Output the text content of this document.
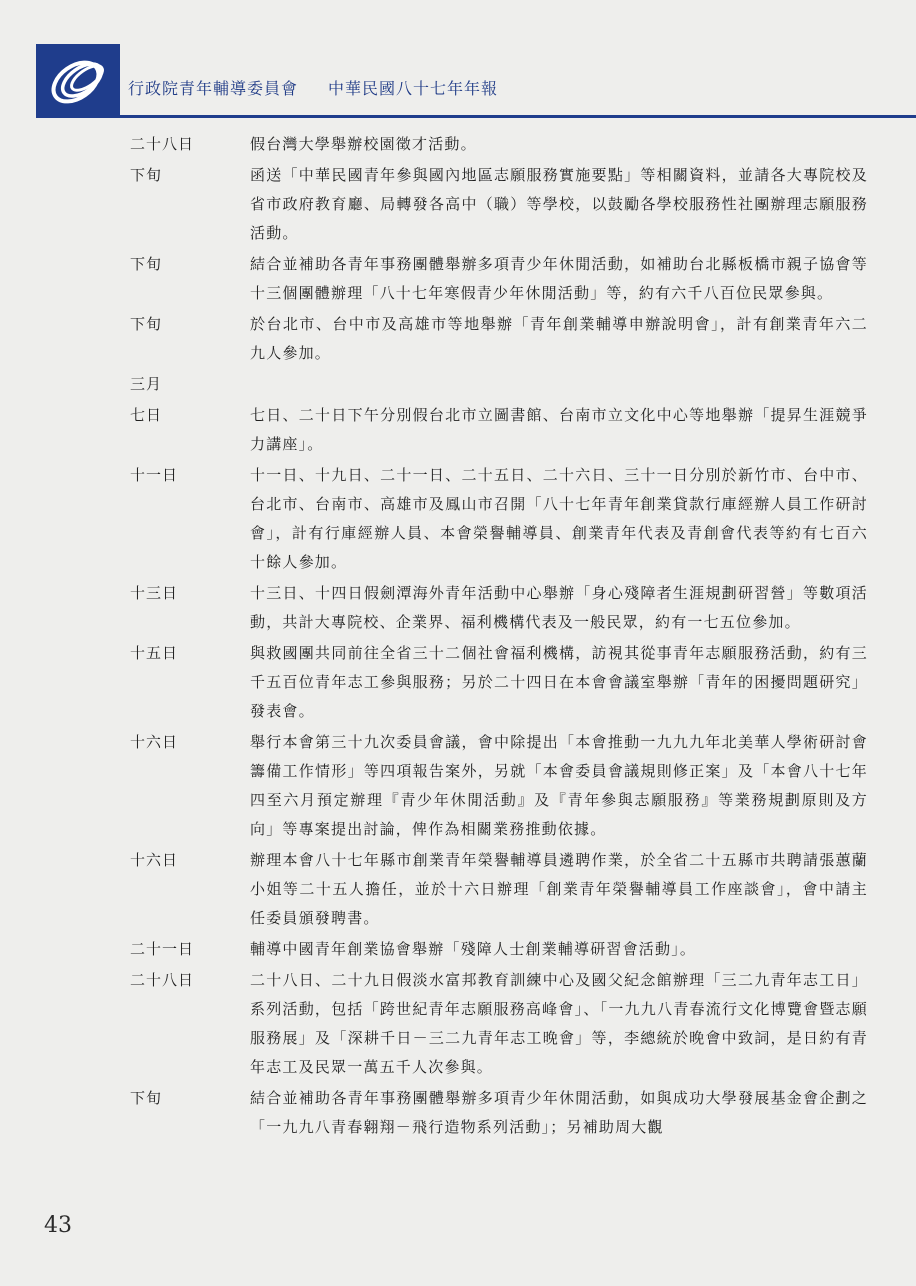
行政院青年輔導委員會 中華民國八十七年年報
二十八日	假台灣大學舉辦校園徵才活動。
下旬	函送「中華民國青年參與國內地區志願服務實施要點」等相關資料，並請各大專院校及省市政府教育廳、局轉發各高中（職）等學校，以鼓勵各學校服務性社團辦理志願服務活動。
下旬	結合並補助各青年事務團體舉辦多項青少年休閒活動，如補助台北縣板橋市親子協會等十三個團體辦理「八十七年寒假青少年休閒活動」等，約有六千八百位民眾參與。
下旬	於台北市、台中市及高雄市等地舉辦「青年創業輔導申辦說明會」，計有創業青年六二九人參加。
三月
七日	七日、二十日下午分別假台北市立圖書館、台南市立文化中心等地舉辦「提昇生涯競爭力講座」。
十一日	十一日、十九日、二十一日、二十五日、二十六日、三十一日分別於新竹市、台中市、台北市、台南市、高雄市及鳳山市召開「八十七年青年創業貸款行庫經辦人員工作研討會」，計有行庫經辦人員、本會榮譽輔導員、創業青年代表及青創會代表等約有七百六十餘人參加。
十三日	十三日、十四日假劍潭海外青年活動中心舉辦「身心殘障者生涯規劃研習營」等數項活動，共計大專院校、企業界、福利機構代表及一般民眾，約有一七五位參加。
十五日	與救國團共同前往全省三十二個社會福利機構，訪視其從事青年志願服務活動，約有三千五百位青年志工參與服務；另於二十四日在本會會議室舉辦「青年的困擾問題研究」發表會。
十六日	舉行本會第三十九次委員會議，會中除提出「本會推動一九九九年北美華人學術研討會籌備工作情形」等四項報告案外，另就「本會委員會議規則修正案」及「本會八十七年四至六月預定辦理『青少年休閒活動』及『青年參與志願服務』等業務規劃原則及方向」等專案提出討論，俾作為相關業務推動依據。
十六日	辦理本會八十七年縣市創業青年榮譽輔導員遴聘作業，於全省二十五縣市共聘請張蕙蘭小姐等二十五人擔任，並於十六日辦理「創業青年榮譽輔導員工作座談會」，會中請主任委員頒發聘書。
二十一日	輔導中國青年創業協會舉辦「殘障人士創業輔導研習會活動」。
二十八日	二十八日、二十九日假淡水富邦教育訓練中心及國父紀念館辦理「三二九青年志工日」系列活動，包括「跨世紀青年志願服務高峰會」、「一九九八青春流行文化博覽會暨志願服務展」及「深耕千日－三二九青年志工晚會」等，李總統於晚會中致詞，是日約有青年志工及民眾一萬五千人次參與。
下旬	結合並補助各青年事務團體舉辦多項青少年休閒活動，如與成功大學發展基金會企劃之「一九九八青春翱翔－飛行造物系列活動」；另補助周大觀
43
